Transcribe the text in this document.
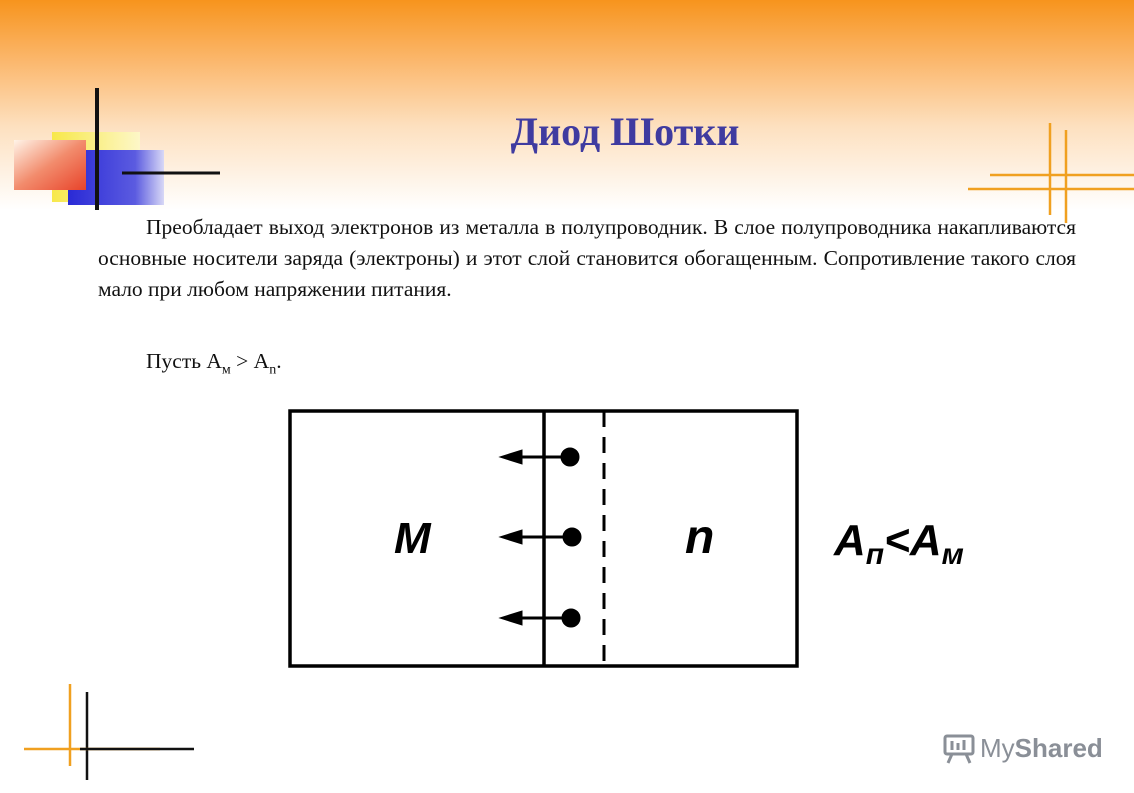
Диод Шотки
Преобладает выход электронов из металла в полупроводник. В слое полупроводника накапливаются основные носители заряда (электроны) и этот слой становится обогащенным. Сопротивление такого слоя мало при любом напряжении питания.
Пусть $A_м > A_n$.
M	n	$A_п<A_м$
My Shared
